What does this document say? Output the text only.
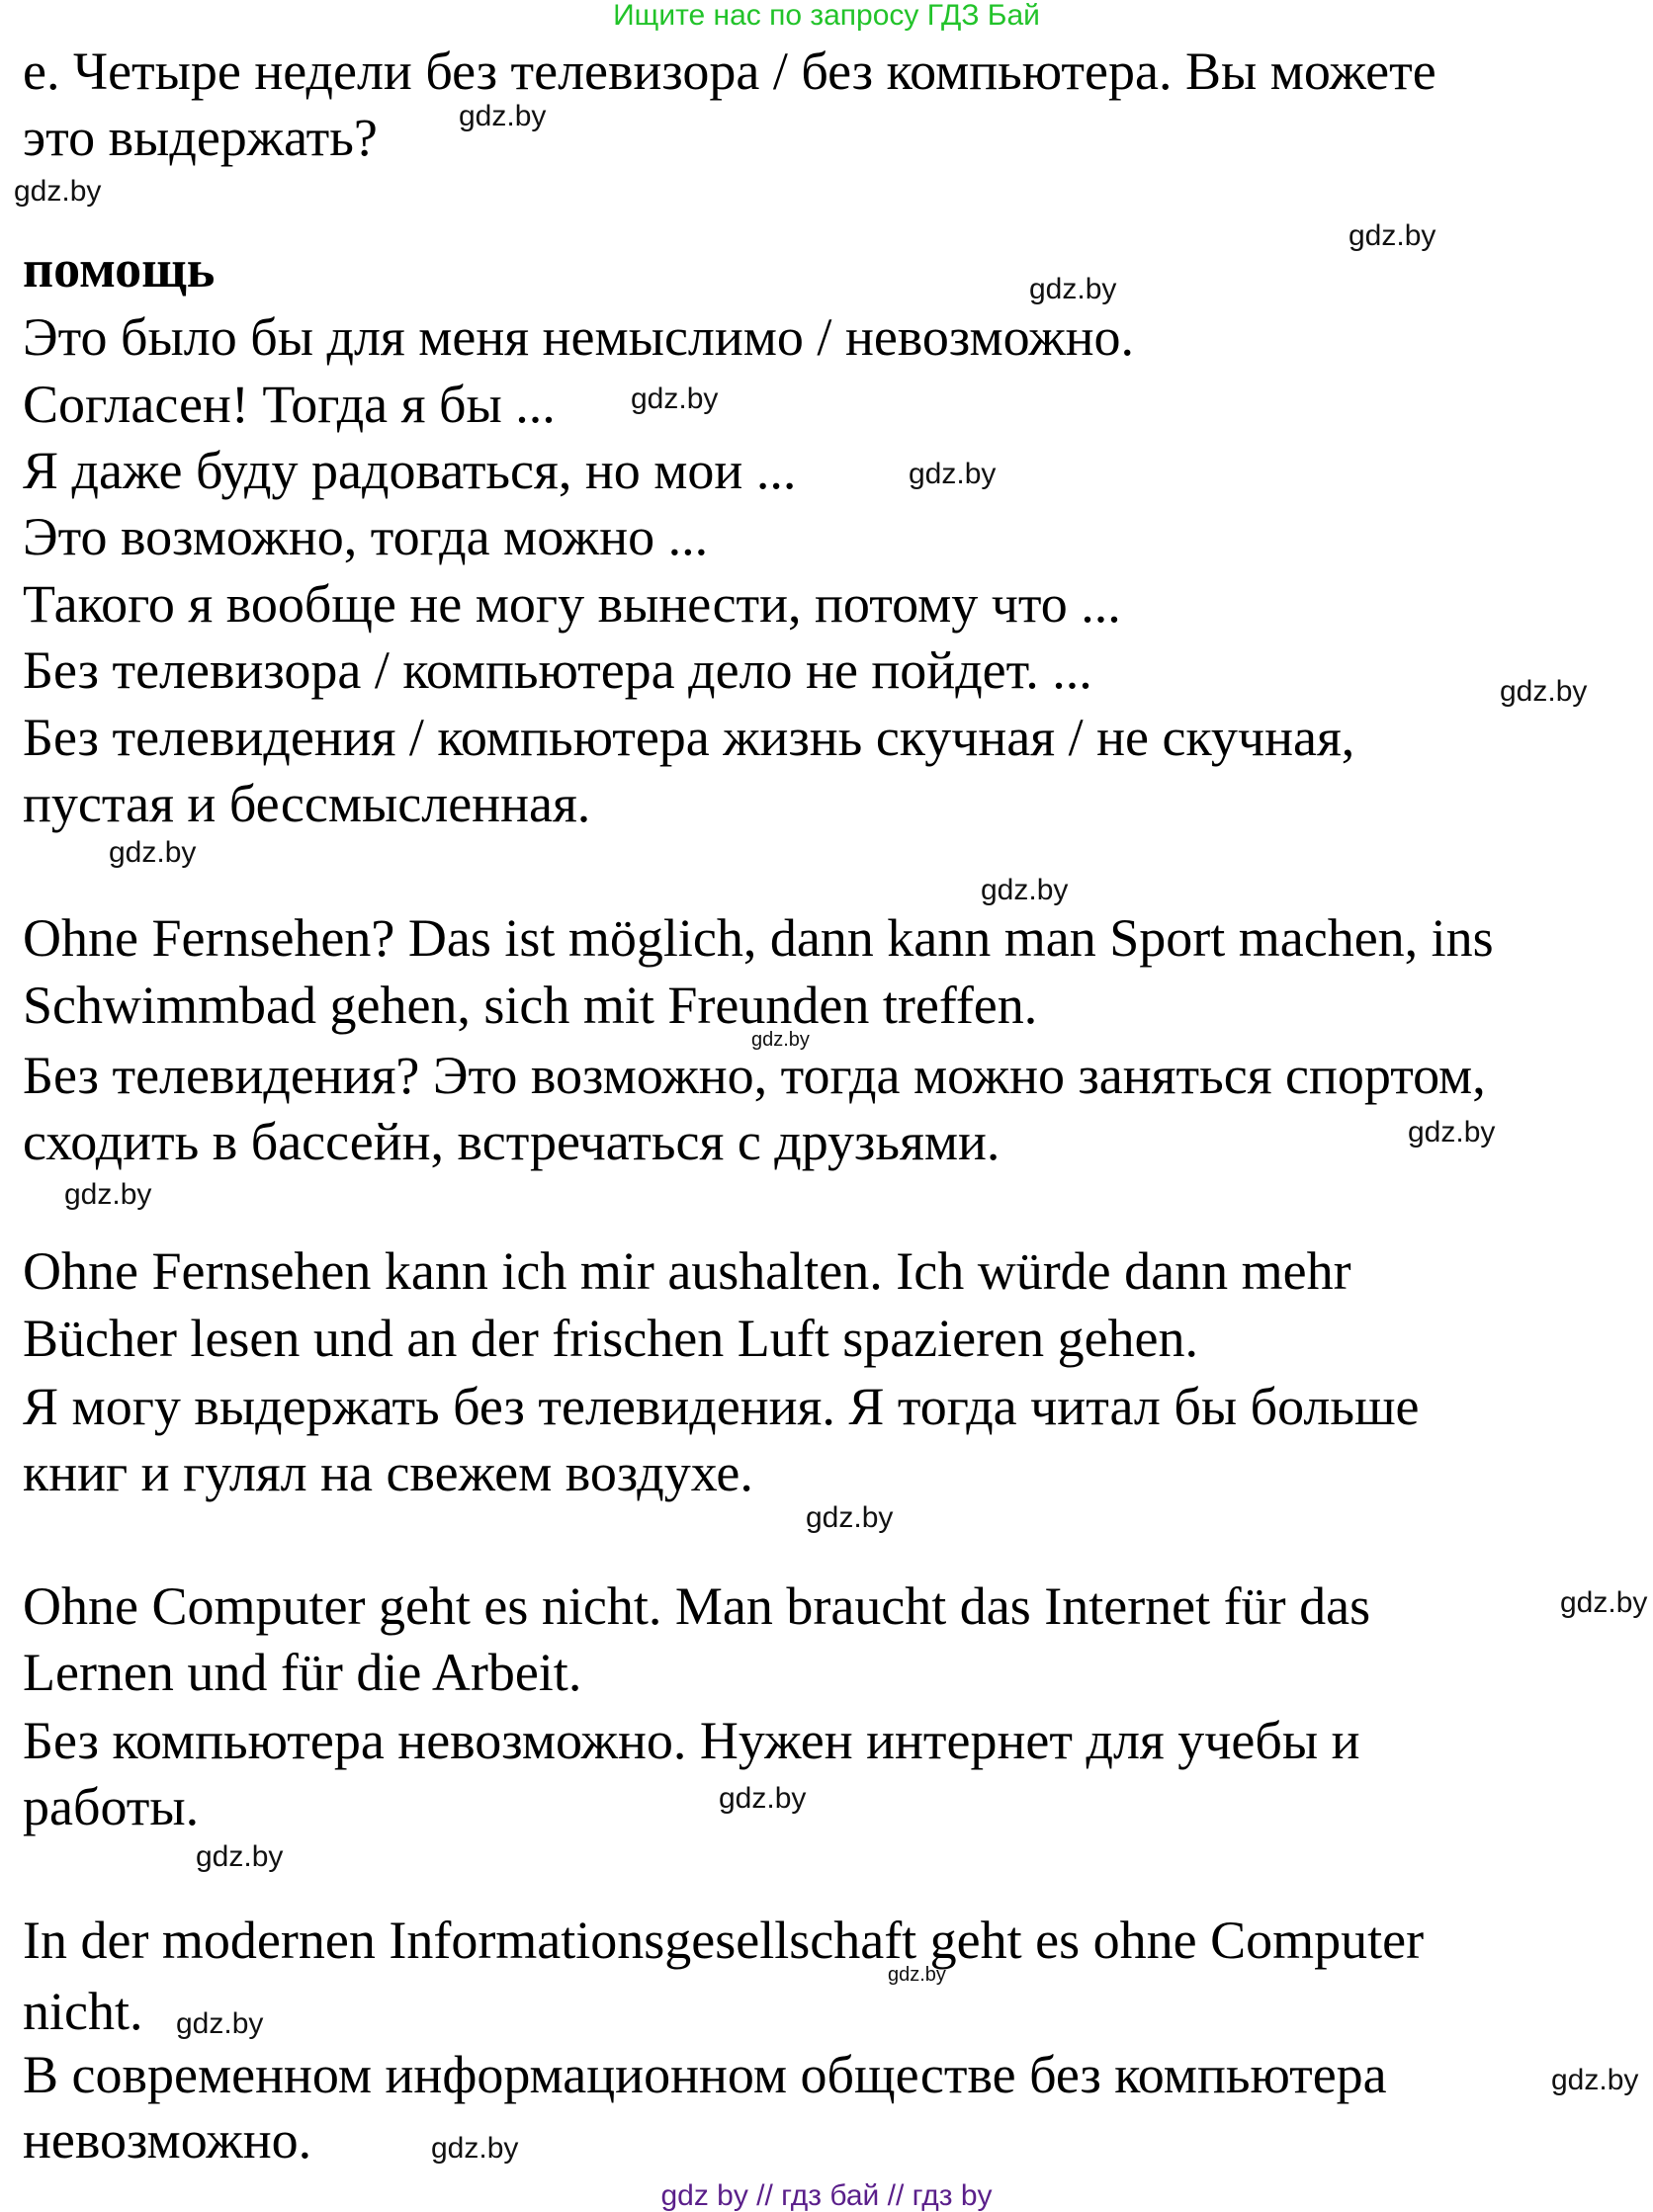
Ищите нас по запросу ГДЗ Бай
е. Четыре недели без телевизора / без компьютера. Вы можете
это выдержать?
помощь
Это было бы для меня немыслимо / невозможно.
Согласен! Тогда я бы ...
Я даже буду радоваться, но мои ...
Это возможно, тогда можно ...
Такого я вообще не могу вынести, потому что ...
Без телевизора / компьютера дело не пойдет. ...
Без телевидения / компьютера жизнь скучная / не скучная,
пустая и бессмысленная.
Ohne Fernsehen? Das ist möglich, dann kann man Sport machen, ins
Schwimmbad gehen, sich mit Freunden treffen.
Без телевидения? Это возможно, тогда можно заняться спортом,
сходить в бассейн, встречаться с друзьями.
Ohne Fernsehen kann ich mir aushalten. Ich würde dann mehr
Bücher lesen und an der frischen Luft spazieren gehen.
Я могу выдержать без телевидения. Я тогда читал бы больше
книг и гулял на свежем воздухе.
Ohne Computer geht es nicht. Man braucht das Internet für das
Lernen und für die Arbeit.
Без компьютера невозможно. Нужен интернет для учебы и
работы.
In der modernen Informationsgesellschaft geht es ohne Computer
nicht.
В современном информационном обществе без компьютера
невозможно.
gdz.by
gdz.by
gdz.by
gdz.by
gdz.by
gdz.by
gdz.by
gdz.by
gdz.by
gdz.by
gdz.by
gdz.by
gdz.by
gdz.by
gdz.by
gdz.by
gdz.by
gdz.by
gdz.by
gdz.by
gdz by // гдз бай // гдз by
